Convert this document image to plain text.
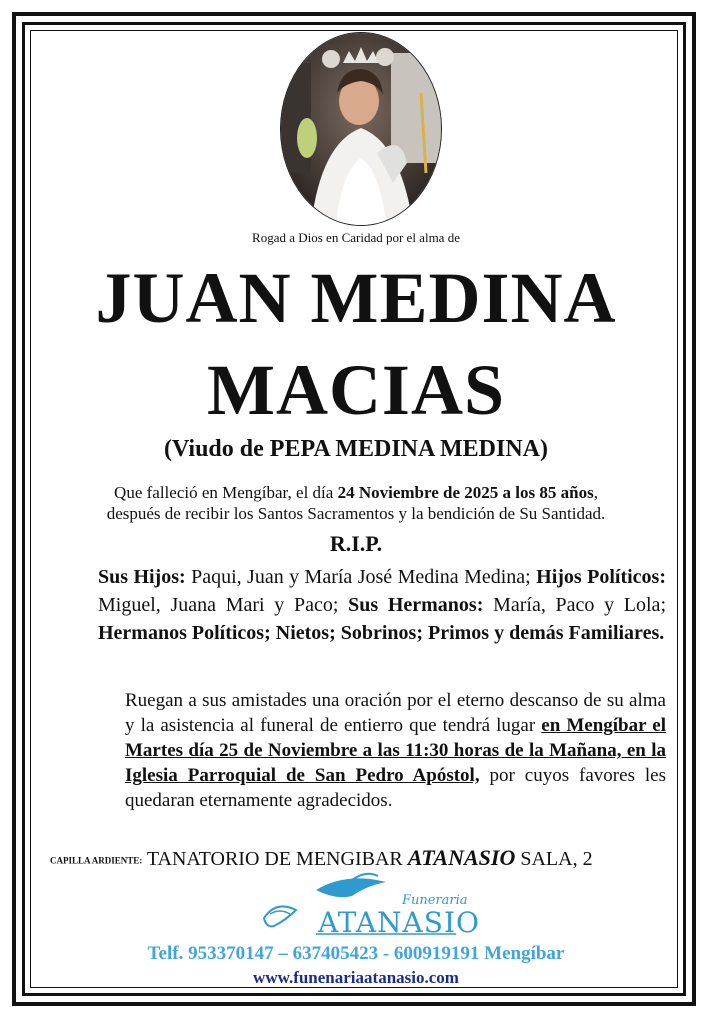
Rogad a Dios en Caridad por el alma de
JUAN MEDINA
MACIAS
(Viudo de PEPA MEDINA MEDINA)
Que falleció en Mengíbar, el día 24 Noviembre de 2025 a los 85 años,
después de recibir los Santos Sacramentos y la bendición de Su Santidad.
R.I.P.
Sus Hijos: Paqui, Juan y María José Medina Medina; Hijos Políticos: Miguel, Juana Mari y Paco; Sus Hermanos: María, Paco y Lola; Hermanos Políticos; Nietos; Sobrinos; Primos y demás Familiares.
Ruegan a sus amistades una oración por el eterno descanso de su alma y la asistencia al funeral de entierro que tendrá lugar en Mengíbar el Martes día 25 de Noviembre a las 11:30 horas de la Mañana, en la Iglesia Parroquial de San Pedro Apóstol, por cuyos favores les quedaran eternamente agradecidos.
CAPILLA ARDIENTE: TANATORIO DE MENGIBAR ATANASIO SALA, 2
Funeraria
ATANASIO
Telf. 953370147 – 637405423 - 600919191 Mengíbar
www.funenariaatanasio.com
